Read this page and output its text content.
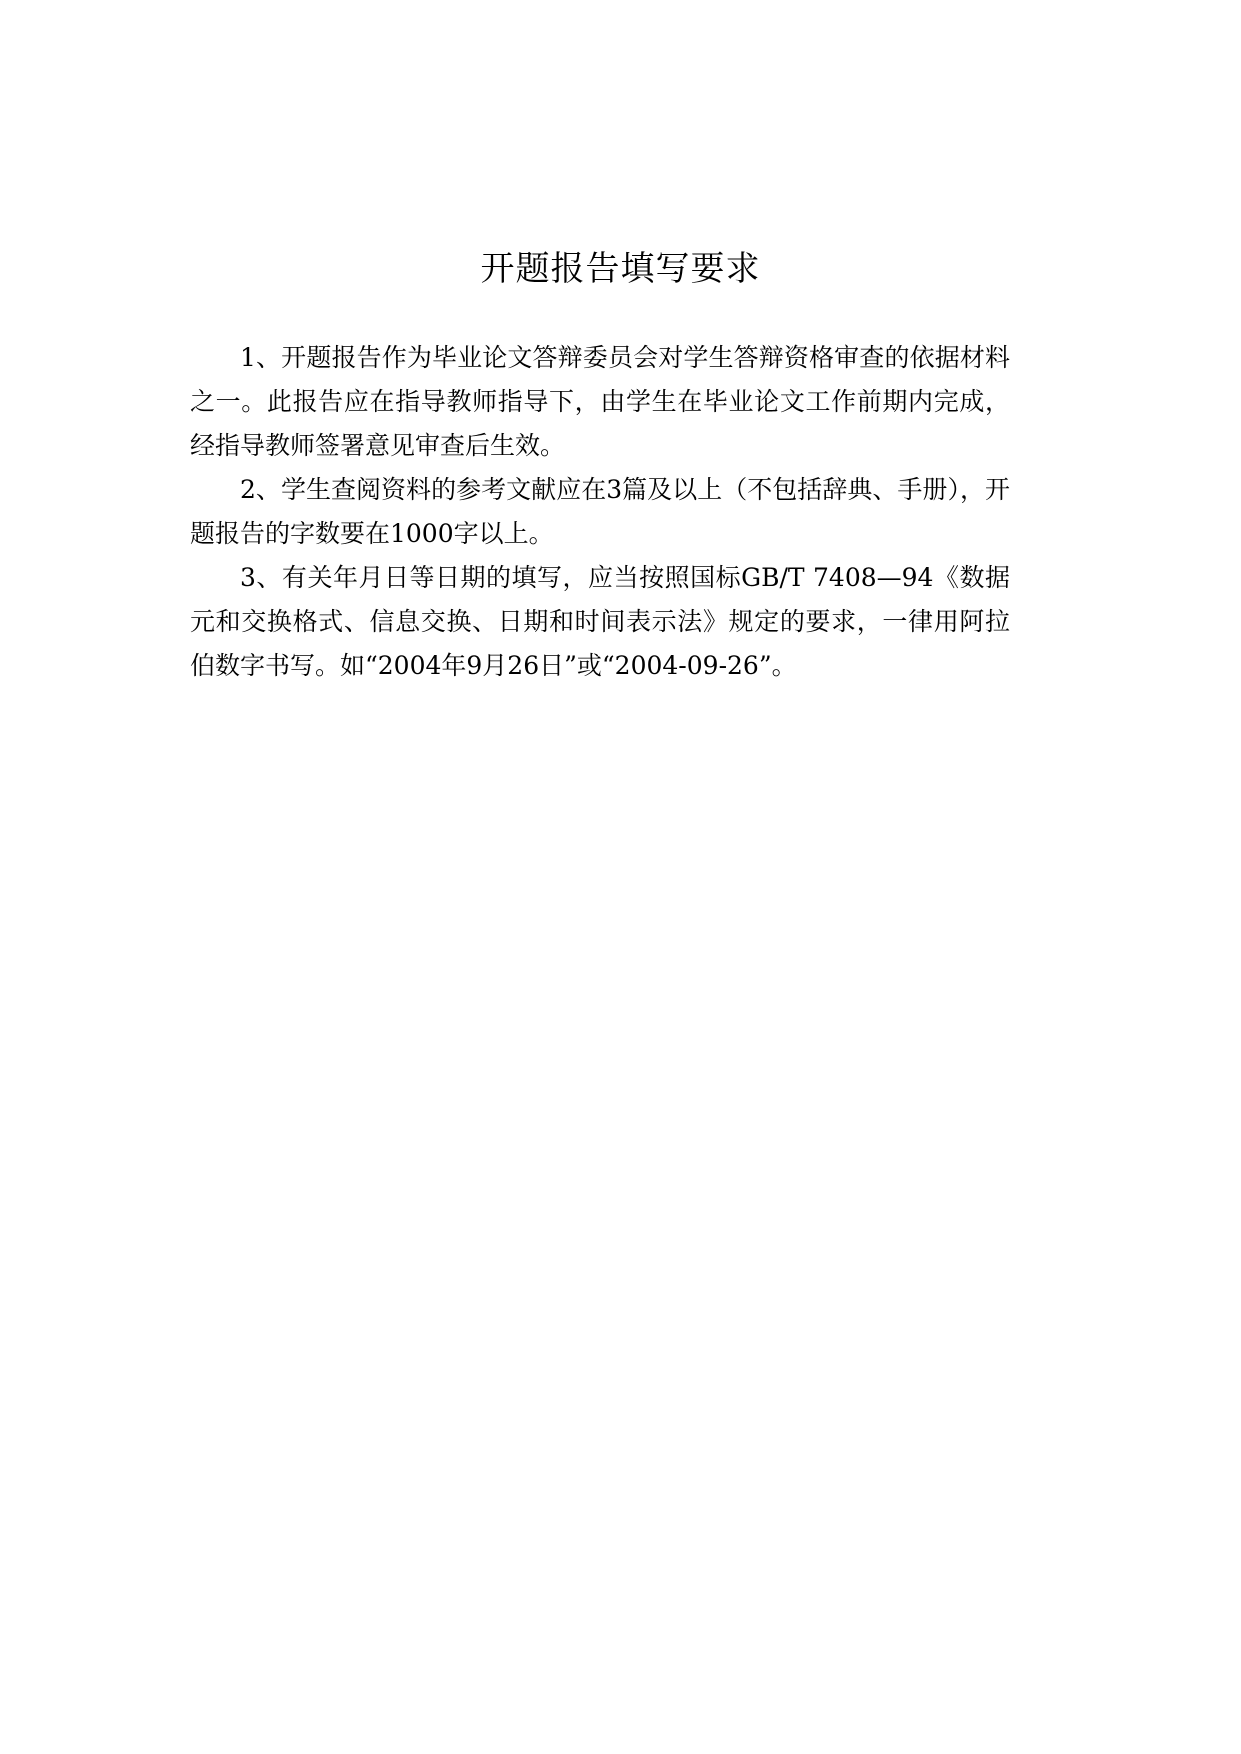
开题报告填写要求

1、开题报告作为毕业论文答辩委员会对学生答辩资格审查的依据材料之一。此报告应在指导教师指导下，由学生在毕业论文工作前期内完成，经指导教师签署意见审查后生效。

2、学生查阅资料的参考文献应在3篇及以上（不包括辞典、手册），开题报告的字数要在1000字以上。

3、有关年月日等日期的填写，应当按照国标GB/T 7408—94《数据元和交换格式、信息交换、日期和时间表示法》规定的要求，一律用阿拉伯数字书写。如“2004年9月26日”或“2004-09-26”。
